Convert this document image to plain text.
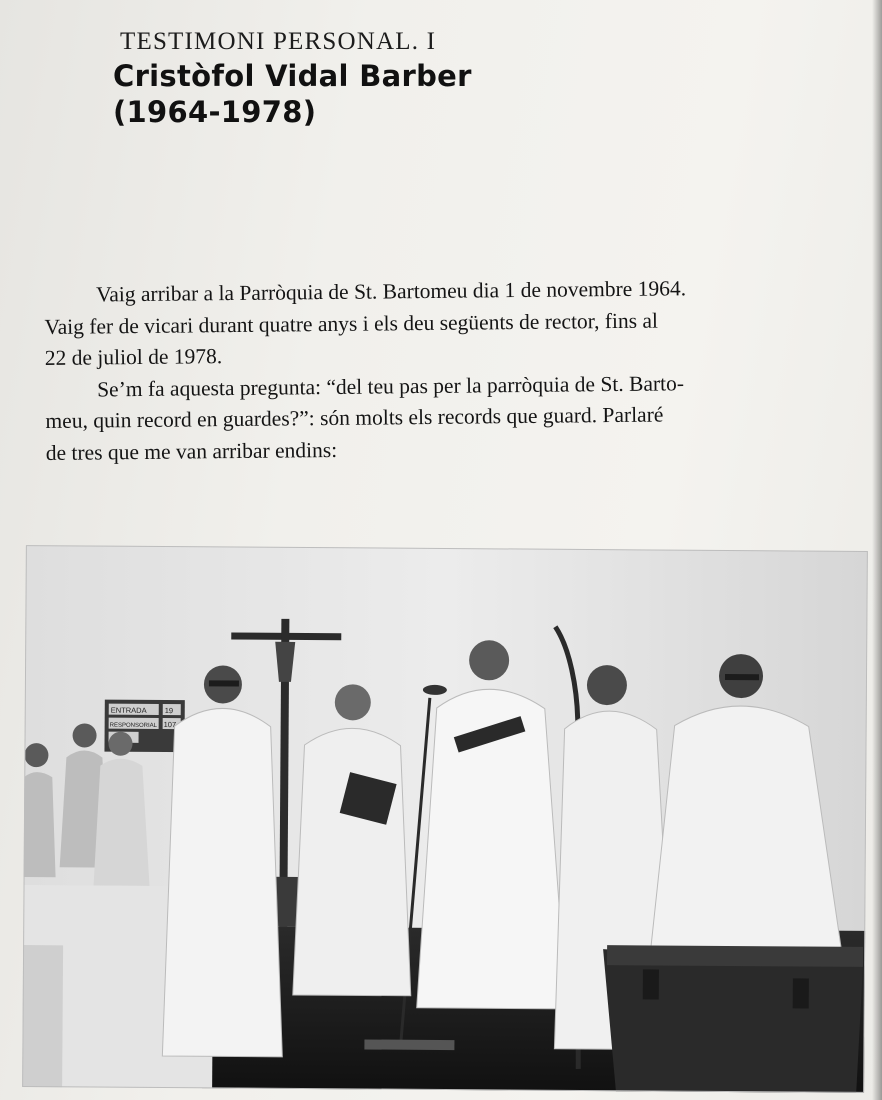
TESTIMONI PERSONAL. I
Cristòfol Vidal Barber
(1964-1978)
Vaig arribar a la Parròquia de St. Bartomeu dia 1 de novembre 1964.
Vaig fer de vicari durant quatre anys i els deu següents de rector, fins al
22 de juliol de 1978.
Se’m fa aquesta pregunta: “del teu pas per la parròquia de St. Barto-
meu, quin record en guardes?”: són molts els records que guard. Parlaré
de tres que me van arribar endins:
ENTRADA 19
RESPONSORIAL 107
